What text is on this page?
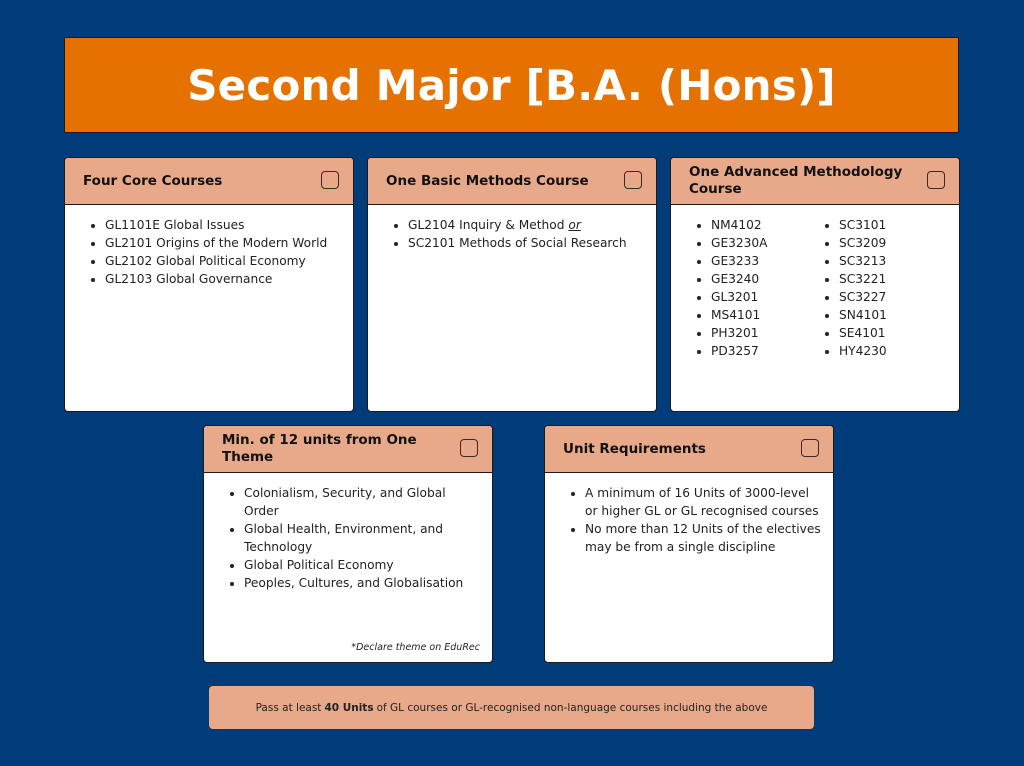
Second Major [B.A. (Hons)]
Four Core Courses
• GL1101E Global Issues
• GL2101 Origins of the Modern World
• GL2102 Global Political Economy
• GL2103 Global Governance
One Basic Methods Course
• GL2104 Inquiry & Method or
• SC2101 Methods of Social Research
One Advanced Methodology Course
• NM4102
• GE3230A
• GE3233
• GE3240
• GL3201
• MS4101
• PH3201
• PD3257
• SC3101
• SC3209
• SC3213
• SC3221
• SC3227
• SN4101
• SE4101
• HY4230
Min. of 12 units from One Theme
• Colonialism, Security, and Global Order
• Global Health, Environment, and Technology
• Global Political Economy
• Peoples, Cultures, and Globalisation
*Declare theme on EduRec
Unit Requirements
• A minimum of 16 Units of 3000-level or higher GL or GL recognised courses
• No more than 12 Units of the electives may be from a single discipline
Pass at least 40 Units of GL courses or GL-recognised non-language courses including the above
